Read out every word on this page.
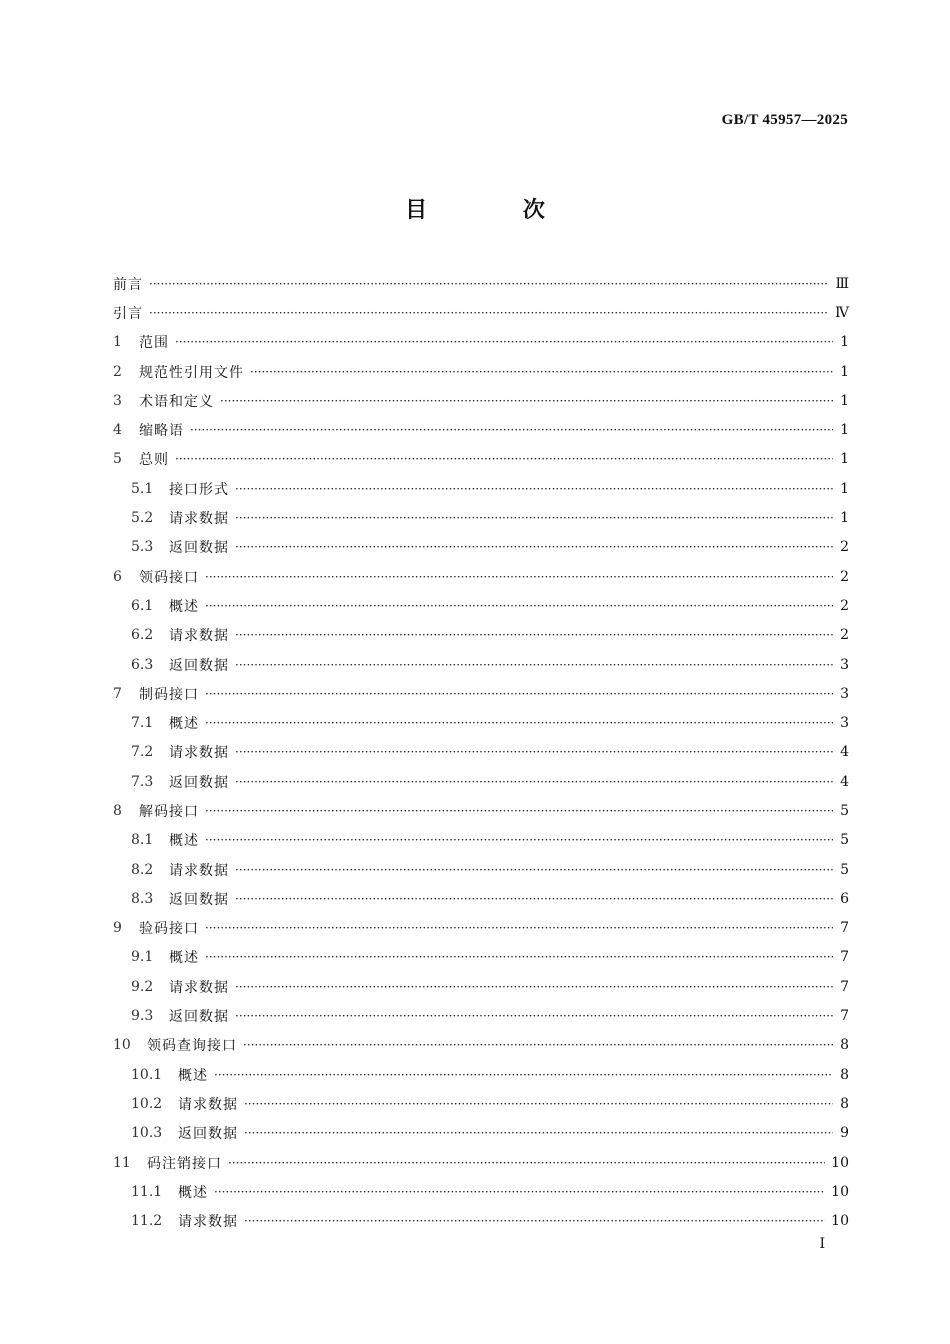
GB/T 45957—2025
目 次
前言 ·····	Ⅲ
引言 ·····	Ⅳ
1	范围 ·····	1
2	规范性引用文件 ·····	1
3	术语和定义 ·····	1
4	缩略语 ·····	1
5	总则 ·····	1
5.1	接口形式 ·····	1
5.2	请求数据 ·····	1
5.3	返回数据 ·····	2
6	领码接口 ·····	2
6.1	概述 ·····	2
6.2	请求数据 ·····	2
6.3	返回数据 ·····	3
7	制码接口 ·····	3
7.1	概述 ·····	3
7.2	请求数据 ·····	4
7.3	返回数据 ·····	4
8	解码接口 ·····	5
8.1	概述 ·····	5
8.2	请求数据 ·····	5
8.3	返回数据 ·····	6
9	验码接口 ·····	7
9.1	概述 ·····	7
9.2	请求数据 ·····	7
9.3	返回数据 ·····	7
10	领码查询接口 ·····	8
10.1	概述 ·····	8
10.2	请求数据 ·····	8
10.3	返回数据 ·····	9
11	码注销接口 ·····	10
11.1	概述 ·····	10
11.2	请求数据 ·····	10
I
